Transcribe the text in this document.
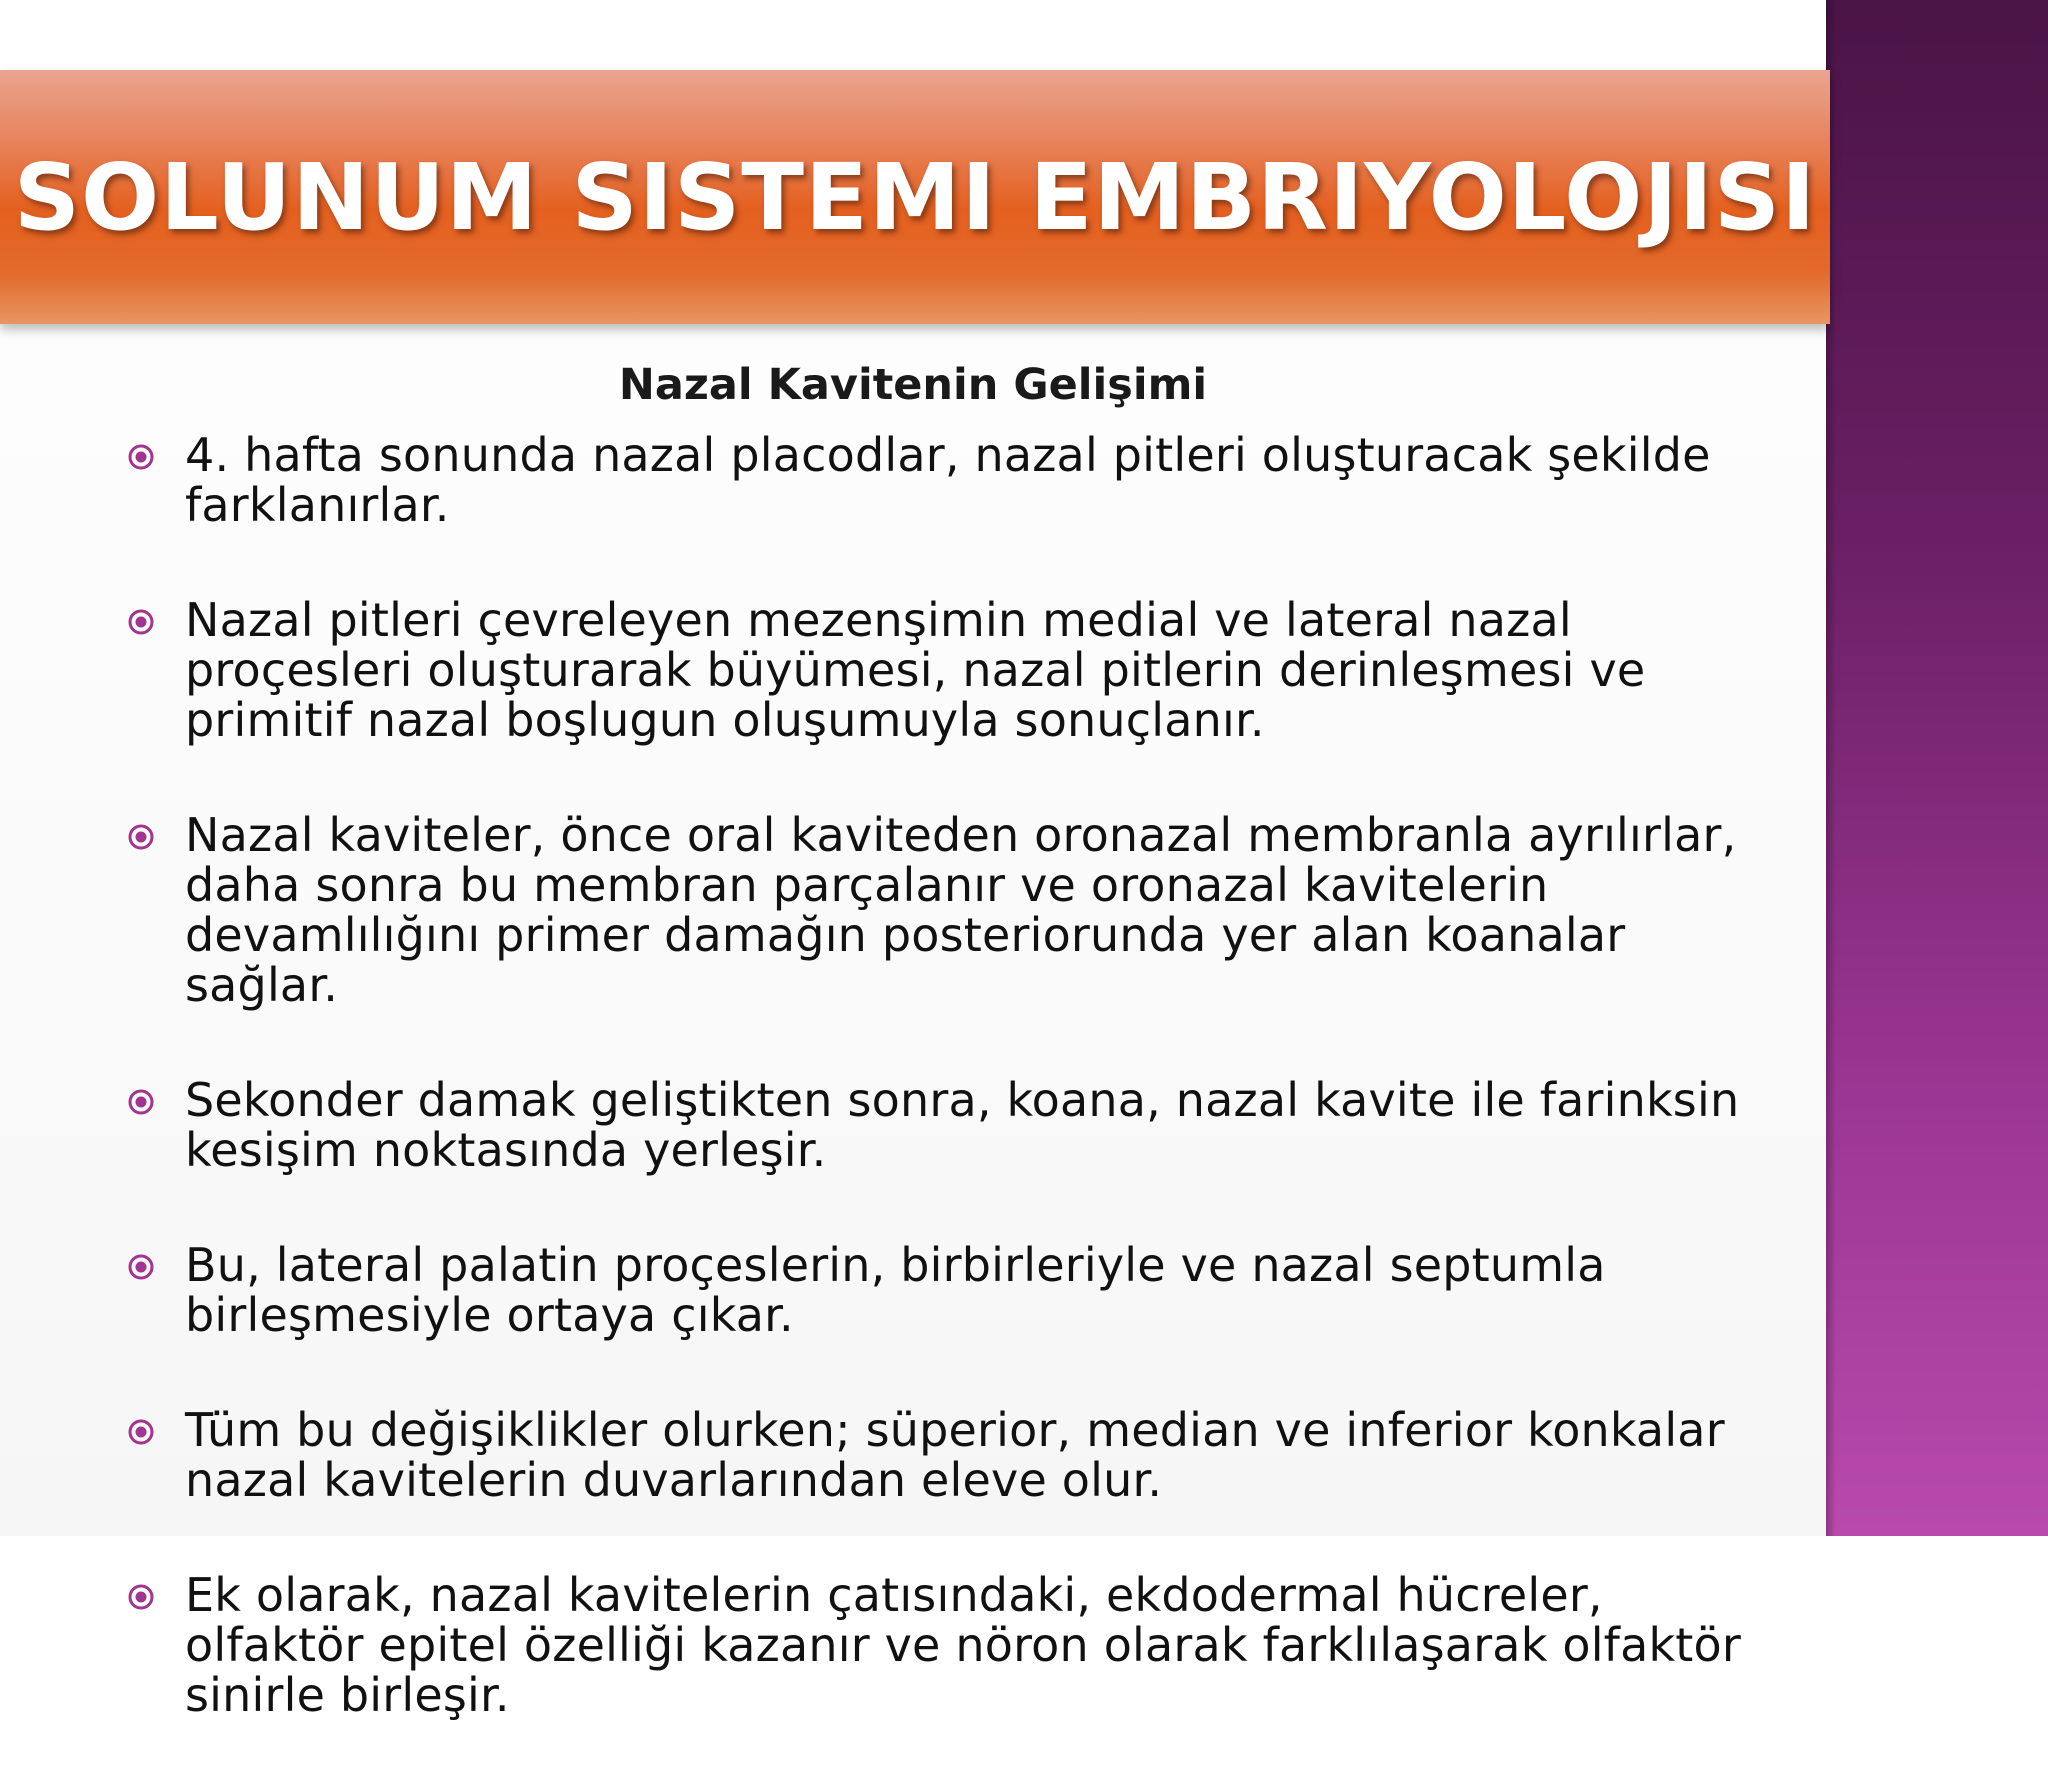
SOLUNUM SISTEMI EMBRIYOLOJISI
Nazal Kavitenin Gelişimi
4. hafta sonunda nazal placodlar, nazal pitleri oluşturacak şekilde farklanırlar.
Nazal pitleri çevreleyen mezenşimin medial ve lateral nazal proçesleri oluşturarak büyümesi, nazal pitlerin derinleşmesi ve primitif nazal boşlugun oluşumuyla sonuçlanır.
Nazal kaviteler, önce oral kaviteden oronazal membranla ayrılırlar, daha sonra bu membran parçalanır ve oronazal kavitelerin devamlılığını primer damağın posteriorunda yer alan koanalar sağlar.
Sekonder damak geliştikten sonra, koana, nazal kavite ile farinksin kesişim noktasında yerleşir.
Bu, lateral palatin proçeslerin, birbirleriyle ve nazal septumla birleşmesiyle ortaya çıkar.
Tüm bu değişiklikler olurken; süperior, median ve inferior konkalar nazal kavitelerin duvarlarından eleve olur.
Ek olarak, nazal kavitelerin çatısındaki, ekdodermal hücreler, olfaktör epitel özelliği kazanır ve nöron olarak farklılaşarak olfaktör sinirle birleşir.
